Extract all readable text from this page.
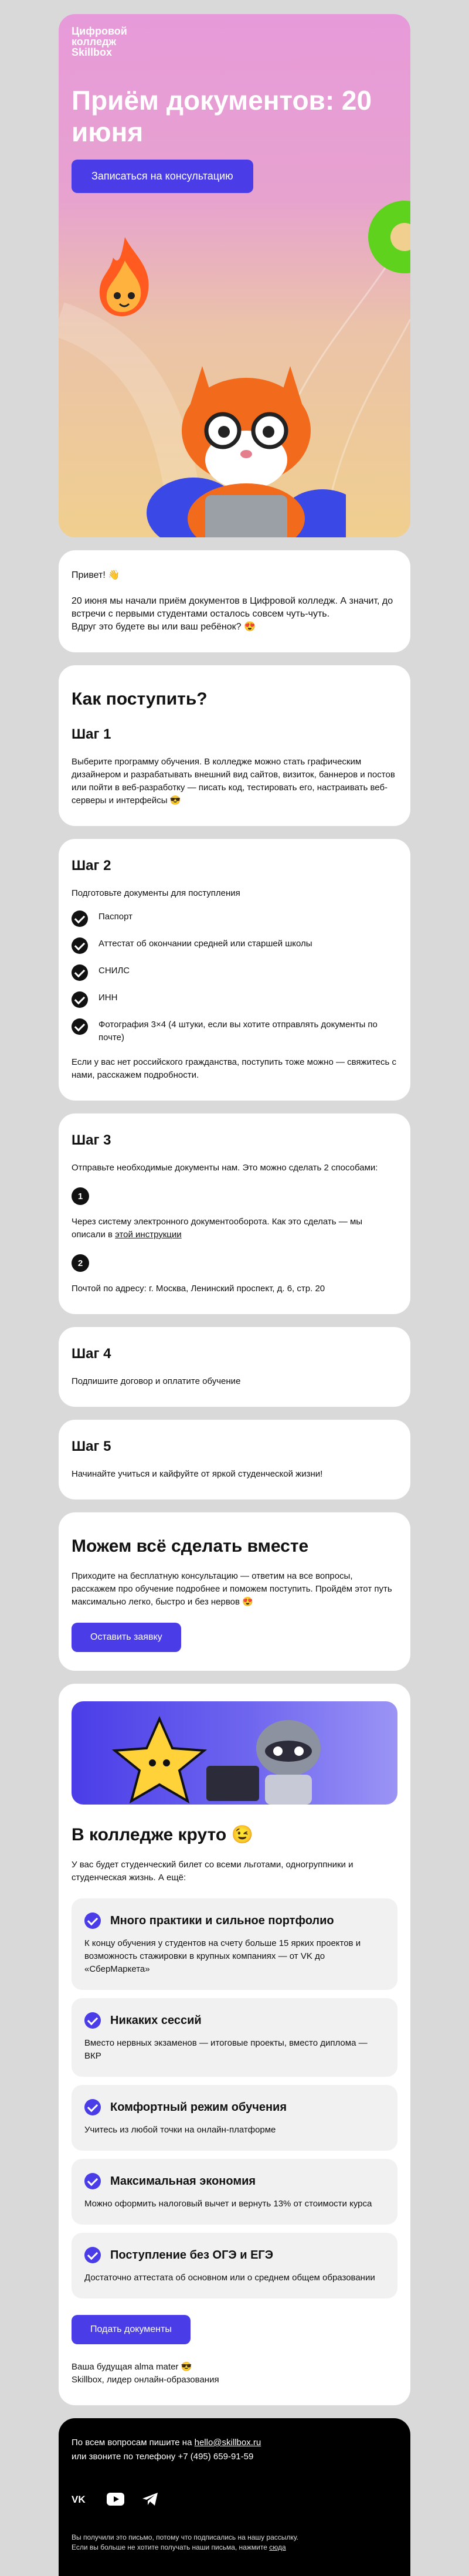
Цифровой
колледж
Skillbox
Приём документов: 20 июня
Записаться на консультацию

Привет! 👋

20 июня мы начали приём документов в Цифровой колледж. А значит, до встречи с первыми студентами осталось совсем чуть-чуть.

Вдруг это будете вы или ваш ребёнок? 😍

Как поступить?
Шаг 1

Выберите программу обучения. В колледже можно стать графическим дизайнером и разрабатывать внешний вид сайтов, визиток, баннеров и постов или пойти в веб-разработку — писать код, тестировать его, настраивать веб-серверы и интерфейсы 😎

Шаг 2

Подготовьте документы для поступления

Паспорт
Аттестат об окончании средней или старшей школы
СНИЛС
ИНН
Фотография 3×4 (4 штуки, если вы хотите отправлять документы по почте)

Если у вас нет российского гражданства, поступить тоже можно — свяжитесь с нами, расскажем подробности.

Шаг 3

Отправьте необходимые документы нам. Это можно сделать 2 способами:

1

Через систему электронного документооборота. Как это сделать — мы описали в этой инструкции

2

Почтой по адресу: г. Москва, Ленинский проспект, д. 6, стр. 20

Шаг 4

Подпишите договор и оплатите обучение

Шаг 5

Начинайте учиться и кайфуйте от яркой студенческой жизни!

Можем всё сделать вместе

Приходите на бесплатную консультацию — ответим на все вопросы, расскажем про обучение подробнее и поможем поступить. Пройдём этот путь максимально легко, быстро и без нервов 😍

Оставить заявку
В колледже круто 😉

У вас будет студенческий билет со всеми льготами, одногруппники и студенческая жизнь. А ещё:

Много практики и сильное портфолио

К концу обучения у студентов на счету больше 15 ярких проектов и возможность стажировки в крупных компаниях — от VK до «СберМаркета»

Никаких сессий

Вместо нервных экзаменов — итоговые проекты, вместо диплома — ВКР

Комфортный режим обучения

Учитесь из любой точки на онлайн-платформе

Максимальная экономия

Можно оформить налоговый вычет и вернуть 13% от стоимости курса

Поступление без ОГЭ и ЕГЭ

Достаточно аттестата об основном или о среднем общем образовании

Подать документы

Ваша будущая alma mater 😎

Skillbox, лидер онлайн-образования

По всем вопросам пишите на hello@skillbox.ru

или звоните по телефону +7 (495) 659-91-59

VK

Вы получили это письмо, потому что подписались на нашу рассылку.

Если вы больше не хотите получать наши письма, нажмите сюда
